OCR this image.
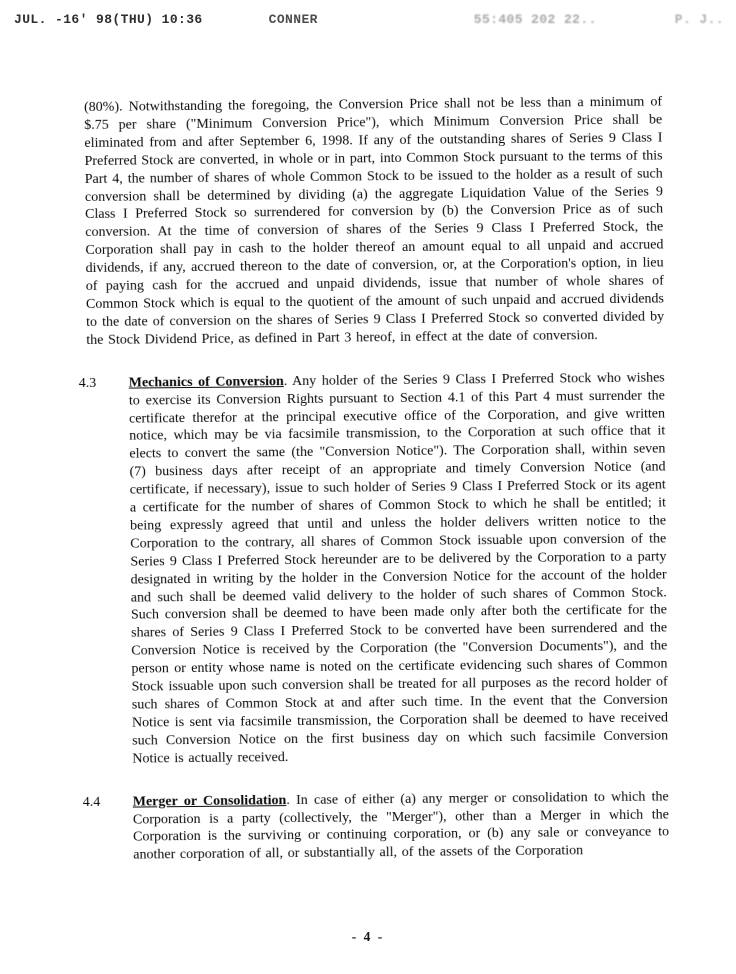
JUL. -16' 98(THU) 10:36	CONNER	55:405 202 22..	P. J..

(80%). Notwithstanding the foregoing, the Conversion Price shall not be less than a minimum of $.75 per share ("Minimum Conversion Price"), which Minimum Conversion Price shall be eliminated from and after September 6, 1998. If any of the outstanding shares of Series 9 Class I Preferred Stock are converted, in whole or in part, into Common Stock pursuant to the terms of this Part 4, the number of shares of whole Common Stock to be issued to the holder as a result of such conversion shall be determined by dividing (a) the aggregate Liquidation Value of the Series 9 Class I Preferred Stock so surrendered for conversion by (b) the Conversion Price as of such conversion. At the time of conversion of shares of the Series 9 Class I Preferred Stock, the Corporation shall pay in cash to the holder thereof an amount equal to all unpaid and accrued dividends, if any, accrued thereon to the date of conversion, or, at the Corporation's option, in lieu of paying cash for the accrued and unpaid dividends, issue that number of whole shares of Common Stock which is equal to the quotient of the amount of such unpaid and accrued dividends to the date of conversion on the shares of Series 9 Class I Preferred Stock so converted divided by the Stock Dividend Price, as defined in Part 3 hereof, in effect at the date of conversion.

4.3	Mechanics of Conversion. Any holder of the Series 9 Class I Preferred Stock who wishes to exercise its Conversion Rights pursuant to Section 4.1 of this Part 4 must surrender the certificate therefor at the principal executive office of the Corporation, and give written notice, which may be via facsimile transmission, to the Corporation at such office that it elects to convert the same (the "Conversion Notice"). The Corporation shall, within seven (7) business days after receipt of an appropriate and timely Conversion Notice (and certificate, if necessary), issue to such holder of Series 9 Class I Preferred Stock or its agent a certificate for the number of shares of Common Stock to which he shall be entitled; it being expressly agreed that until and unless the holder delivers written notice to the Corporation to the contrary, all shares of Common Stock issuable upon conversion of the Series 9 Class I Preferred Stock hereunder are to be delivered by the Corporation to a party designated in writing by the holder in the Conversion Notice for the account of the holder and such shall be deemed valid delivery to the holder of such shares of Common Stock. Such conversion shall be deemed to have been made only after both the certificate for the shares of Series 9 Class I Preferred Stock to be converted have been surrendered and the Conversion Notice is received by the Corporation (the "Conversion Documents"), and the person or entity whose name is noted on the certificate evidencing such shares of Common Stock issuable upon such conversion shall be treated for all purposes as the record holder of such shares of Common Stock at and after such time. In the event that the Conversion Notice is sent via facsimile transmission, the Corporation shall be deemed to have received such Conversion Notice on the first business day on which such facsimile Conversion Notice is actually received.

4.4	Merger or Consolidation. In case of either (a) any merger or consolidation to which the Corporation is a party (collectively, the "Merger"), other than a Merger in which the Corporation is the surviving or continuing corporation, or (b) any sale or conveyance to another corporation of all, or substantially all, of the assets of the Corporation

- 4 -
